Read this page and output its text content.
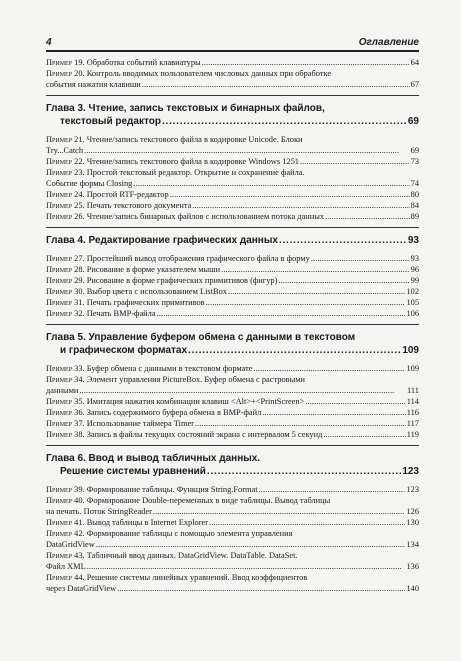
4	Оглавление
Пример 19.
Обработка событий клавиатуры . . .	64
Пример 20.
Контроль вводимых пользователем числовых данных при обработке
события нажатия клавиши . . .	67
Глава 3. Чтение, запись текстовых и бинарных файлов,
текстовый редактор . . .	69
Пример 21.
Чтение/запись текстового файла в кодировке Unicode. Блоки
Try...Catch . . .	69
Пример 22.
Чтение/запись текстового файла в кодировке Windows 1251 . . .	73
Пример 23.
Простой текстовый редактор. Открытие и сохранение файла.
Событие формы Closing . . .	74
Пример 24.
Простой RTF-редактор . . .	80
Пример 25.
Печать текстового документа . . .	84
Пример 26.
Чтение/запись бинарных файлов с использованием потока данных . . .	89
Глава 4. Редактирование графических данных . . .	93
Пример 27.
Простейший вывод отображения графического файла в форму . . .	93
Пример 28.
Рисование в форме указателем мыши . . .	96
Пример 29.
Рисование в форме графических примитивов (фигур) . . .	99
Пример 30.
Выбор цвета с использованием ListBox . . .	102
Пример 31.
Печать графических примитивов . . .	105
Пример 32.
Печать BMP-файла . . .	106
Глава 5. Управление буфером обмена с данными в текстовом
и графическом форматах . . .	109
Пример 33.
Буфер обмена с данными в текстовом формате . . .	109
Пример 34.
Элемент управления PictureBox. Буфер обмена с растровыми
данными . . .	111
Пример 35.
Имитация нажатия комбинации клавиш <Alt>+<PrintScreen> . . .	114
Пример 36.
Запись содержимого буфера обмена в BMP-файл . . .	116
Пример 37.
Использование таймера Timer . . .	117
Пример 38.
Запись в файлы текущих состояний экрана с интервалом 5 секунд . . .	119
Глава 6. Ввод и вывод табличных данных.
Решение системы уравнений . . .	123
Пример 39.
Формирование таблицы. Функция String.Format . . .	123
Пример 40.
Формирование Double-переменных в виде таблицы. Вывод таблицы
на печать. Поток StringReader . . .	126
Пример 41.
Вывод таблицы в Internet Explorer . . .	130
Пример 42.
Формирование таблицы с помощью элемента управления
DataGridView . . .	134
Пример 43.
Табличный ввод данных. DataGridView. DataTable. DataSet.
Файл XML . . .	136
Пример 44.
Решение системы линейных уравнений. Ввод коэффициентов
через DataGridView . . .	140
